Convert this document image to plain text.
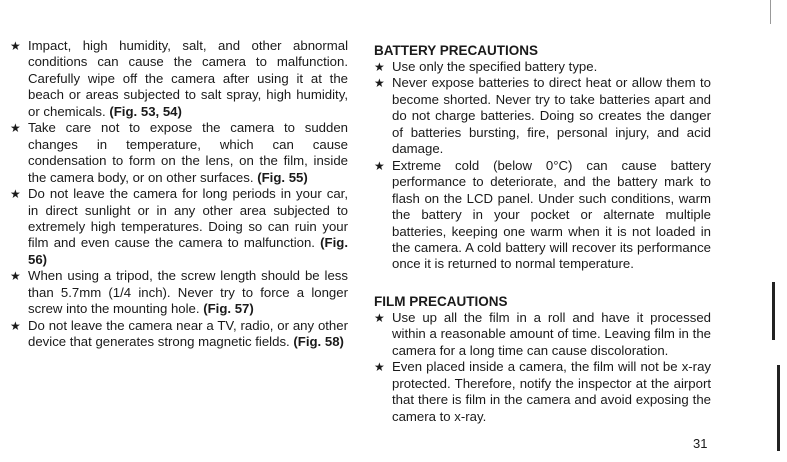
★ Impact, high humidity, salt, and other abnormal conditions can cause the camera to malfunction. Carefully wipe off the camera after using it at the beach or areas subjected to salt spray, high humidity, or chemicals. (Fig. 53, 54)
★ Take care not to expose the camera to sudden changes in temperature, which can cause condensation to form on the lens, on the film, inside the camera body, or on other surfaces. (Fig. 55)
★ Do not leave the camera for long periods in your car, in direct sunlight or in any other area subjected to extremely high temperatures. Doing so can ruin your film and even cause the camera to malfunction. (Fig. 56)
★ When using a tripod, the screw length should be less than 5.7mm (1/4 inch). Never try to force a longer screw into the mounting hole. (Fig. 57)
★ Do not leave the camera near a TV, radio, or any other device that generates strong magnetic fields. (Fig. 58)
BATTERY PRECAUTIONS
★ Use only the specified battery type.
★ Never expose batteries to direct heat or allow them to become shorted. Never try to take batteries apart and do not charge batteries. Doing so creates the danger of batteries bursting, fire, personal injury, and acid damage.
★ Extreme cold (below 0°C) can cause battery performance to deteriorate, and the battery mark to flash on the LCD panel. Under such conditions, warm the battery in your pocket or alternate multiple batteries, keeping one warm when it is not loaded in the camera. A cold battery will recover its performance once it is returned to normal temperature.
FILM PRECAUTIONS
★ Use up all the film in a roll and have it processed within a reasonable amount of time. Leaving film in the camera for a long time can cause discoloration.
★ Even placed inside a camera, the film will not be x-ray protected. Therefore, notify the inspector at the airport that there is film in the camera and avoid exposing the camera to x-ray.
31
